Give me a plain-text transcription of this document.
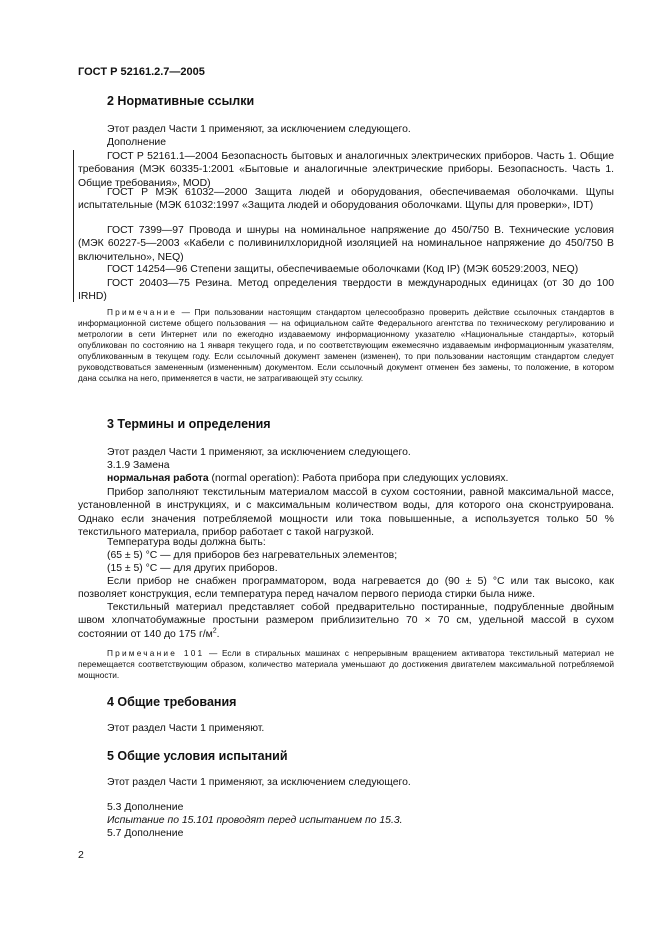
ГОСТ Р 52161.2.7—2005
2 Нормативные ссылки

Этот раздел Части 1 применяют, за исключением следующего.

Дополнение

ГОСТ Р 52161.1—2004 Безопасность бытовых и аналогичных электрических приборов. Часть 1. Общие требования (МЭК 60335-1:2001 «Бытовые и аналогичные электрические приборы. Безопасность. Часть 1. Общие требования», MOD)

ГОСТ Р МЭК 61032—2000 Защита людей и оборудования, обеспечиваемая оболочками. Щупы испытательные (МЭК 61032:1997 «Защита людей и оборудования оболочками. Щупы для проверки», IDT)

ГОСТ 7399—97 Провода и шнуры на номинальное напряжение до 450/750 В. Технические условия (МЭК 60227-5—2003 «Кабели с поливинилхлоридной изоляцией на номинальное напряжение до 450/750 В включительно», NEQ)

ГОСТ 14254—96 Степени защиты, обеспечиваемые оболочками (Код IP) (МЭК 60529:2003, NEQ)

ГОСТ 20403—75 Резина. Метод определения твердости в международных единицах (от 30 до 100 IRHD)

Примечание — При пользовании настоящим стандартом целесообразно проверить действие ссылочных стандартов в информационной системе общего пользования — на официальном сайте Федерального агентства по техническому регулированию и метрологии в сети Интернет или по ежегодно издаваемому информационному указателю «Национальные стандарты», который опубликован по состоянию на 1 января текущего года, и по соответствующим ежемесячно издаваемым информационным указателям, опубликованным в текущем году. Если ссылочный документ заменен (изменен), то при пользовании настоящим стандартом следует руководствоваться замененным (измененным) документом. Если ссылочный документ отменен без замены, то положение, в котором дана ссылка на него, применяется в части, не затрагивающей эту ссылку.

3 Термины и определения

Этот раздел Части 1 применяют, за исключением следующего.

3.1.9 Замена

нормальная работа (normal operation): Работа прибора при следующих условиях.

Прибор заполняют текстильным материалом массой в сухом состоянии, равной максимальной массе, установленной в инструкциях, и с максимальным количеством воды, для которого она сконструирована. Однако если значения потребляемой мощности или тока повышенные, а используется только 50 % текстильного материала, прибор работает с такой нагрузкой.

Температура воды должна быть:

(65 ± 5) °С — для приборов без нагревательных элементов;

(15 ± 5) °С — для других приборов.

Если прибор не снабжен программатором, вода нагревается до (90 ± 5) °С или так высоко, как позволяет конструкция, если температура перед началом первого периода стирки была ниже.

Текстильный материал представляет собой предварительно постиранные, подрубленные двойным швом хлопчатобумажные простыни размером приблизительно 70 × 70 см, удельной массой в сухом состоянии от 140 до 175 $г/м^2$.

Примечание 101 — Если в стиральных машинах с непрерывным вращением активатора текстильный материал не перемещается соответствующим образом, количество материала уменьшают до достижения двигателем максимальной потребляемой мощности.

4 Общие требования

Этот раздел Части 1 применяют.

5 Общие условия испытаний

Этот раздел Части 1 применяют, за исключением следующего.

5.3 Дополнение

Испытание по 15.101 проводят перед испытанием по 15.3.

5.7 Дополнение

2
